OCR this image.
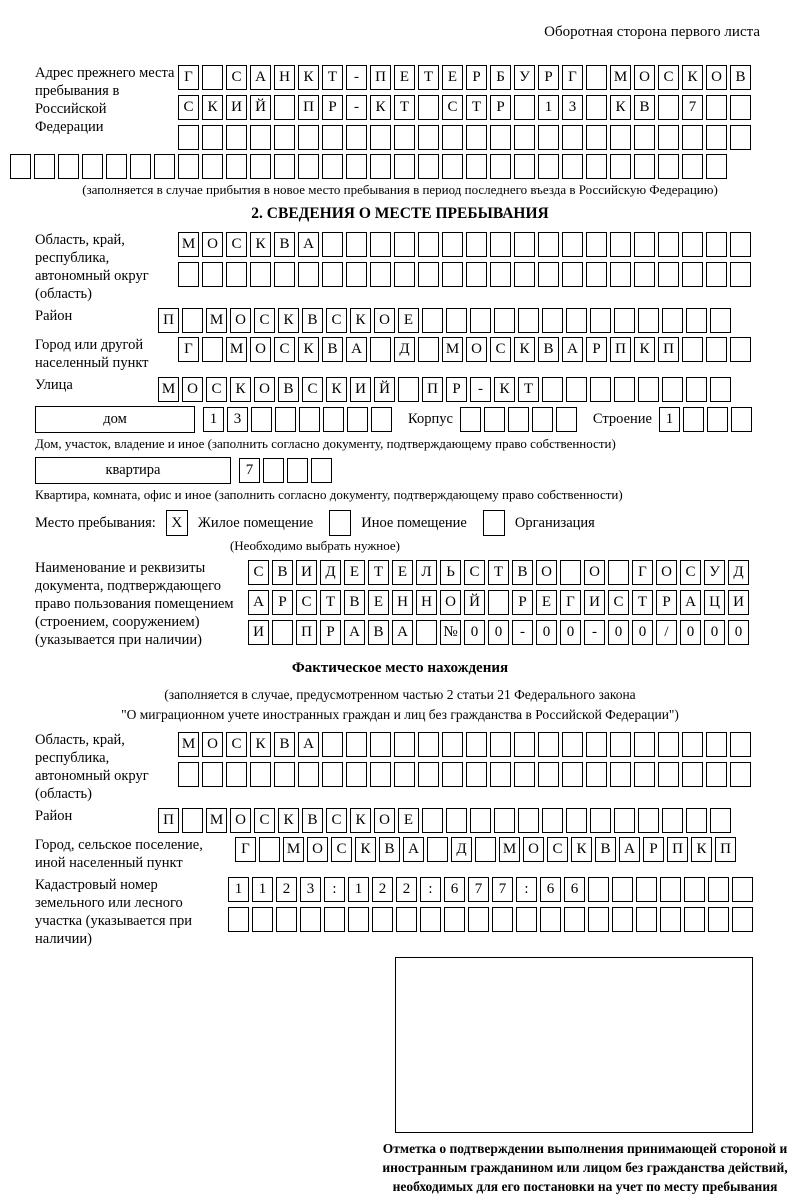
Оборотная сторона первого листа
Адрес прежнего места пребывания в Российской Федерации
Г	С А Н К Т	-	П Е Т Е	Р	Б У Р	Г	М О С К О В
С К И Й	П Р	-	К Т	С Т	Р	1	3	К В	7
(заполняется в случае прибытия в новое место пребывания в период последнего въезда в Российскую Федерацию)
2. СВЕДЕНИЯ О МЕСТЕ ПРЕБЫВАНИЯ
Область, край, республика, автономный округ (область)
М О С К В А
Район	П	М О С К В С К О Е
Город или другой населенный пункт
Г	М О С К В А	Д	М О С К В А Р П К П
Улица	М О С К О В С К И Й	П Р	-	К Т
дом	1	3	Корпус	Строение 1
Дом, участок, владение и иное (заполнить согласно документу, подтверждающему право собственности)
квартира	7
Квартира, комната, офис и иное (заполнить согласно документу, подтверждающему право собственности)
Место пребывания:	X	Жилое помещение	Иное помещение	Организация
(Необходимо выбрать нужное)
Наименование и реквизиты документа, подтверждающего право пользования помещением (строением, сооружением) (указывается при наличии)
С В И Д Е Т Е Л Ь С Т В О	О	Г О С У Д
А Р С Т В Е Н Н О Й	Р	Е	Г И С Т	Р А Ц И
И	П Р А В А	№ 0	0	-	0	0	-	0	0	/	0	0	0
Фактическое место нахождения
(заполняется в случае, предусмотренном частью 2 статьи 21 Федерального закона
"О миграционном учете иностранных граждан и лиц без гражданства в Российской Федерации")
Область, край, республика, автономный округ (область)
М О С К В А
Район	П	М О С К В С К О Е
Город, сельское поселение, иной населенный пункт
Г	М О С К В А	Д	М О С К В А Р П К П
Кадастровый номер земельного или лесного участка (указывается при наличии)
1	1	2	3	:	1	2	2	:	6	7	7	:	6	6
Отметка о подтверждении выполнения принимающей стороной и иностранным гражданином или лицом без гражданства действий, необходимых для его постановки на учет по месту пребывания
